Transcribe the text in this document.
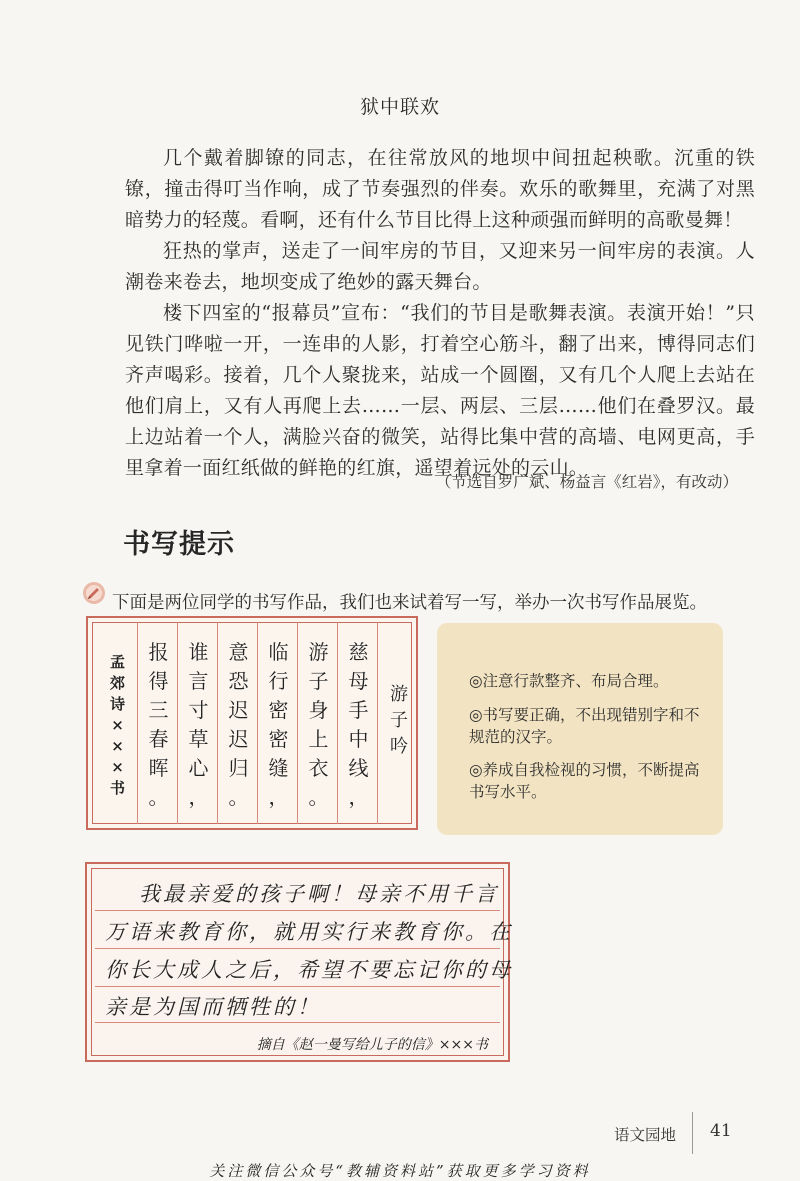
狱中联欢

几个戴着脚镣的同志，在往常放风的地坝中间扭起秧歌。沉重的铁镣，撞击得叮当作响，成了节奏强烈的伴奏。欢乐的歌舞里，充满了对黑暗势力的轻蔑。看啊，还有什么节目比得上这种顽强而鲜明的高歌曼舞！

狂热的掌声，送走了一间牢房的节目，又迎来另一间牢房的表演。人潮卷来卷去，地坝变成了绝妙的露天舞台。

楼下四室的“报幕员”宣布：“我们的节目是歌舞表演。表演开始！”只见铁门哗啦一开，一连串的人影，打着空心筋斗，翻了出来，博得同志们齐声喝彩。接着，几个人聚拢来，站成一个圆圈，又有几个人爬上去站在他们肩上，又有人再爬上去……一层、两层、三层……他们在叠罗汉。最上边站着一个人，满脸兴奋的微笑，站得比集中营的高墙、电网更高，手里拿着一面红纸做的鲜艳的红旗，遥望着远处的云山。

（节选自罗广斌、杨益言《红岩》，有改动）
书写提示
下面是两位同学的书写作品，我们也来试着写一写，举办一次书写作品展览。
孟
郊
诗
×
×
×
书
报
得
三
春
晖
。
谁
言
寸
草
心
，
意
恐
迟
迟
归
。
临
行
密
密
缝
，
游
子
身
上
衣
。
慈
母
手
中
线
，
游
子
吟
◎注意行款整齐、布局合理。
◎书写要正确，不出现错别字和不规范的汉字。
◎养成自我检视的习惯，不断提高书写水平。
我最亲爱的孩子啊！母亲不用千言
万语来教育你，就用实行来教育你。在
你长大成人之后，希望不要忘记你的母
亲是为国而牺牲的！
摘自《赵一曼写给儿子的信》×××书
语文园地 41
关注微信公众号“教辅资料站”获取更多学习资料
